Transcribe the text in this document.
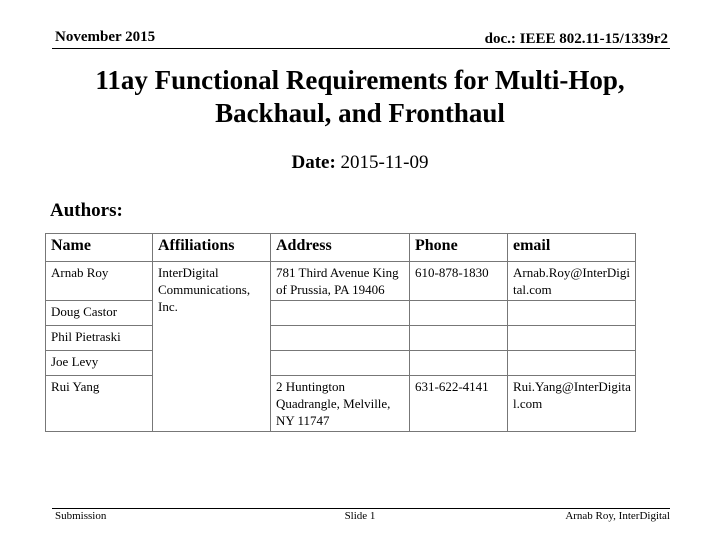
November 2015	doc.: IEEE 802.11-15/1339r2
11ay Functional Requirements for Multi-Hop, Backhaul, and Fronthaul
Date: 2015-11-09
Authors:
Name	Affiliations	Address	Phone	email
Arnab Roy	InterDigital Communications, Inc.	781 Third Avenue King of Prussia, PA 19406	610-878-1830	Arnab.Roy@InterDigital.com
Doug Castor				
Phil Pietraski				
Joe Levy				
Rui Yang		2 Huntington Quadrangle, Melville, NY 11747	631-622-4141	Rui.Yang@InterDigital.com
Submission	Slide 1	Arnab Roy, InterDigital
